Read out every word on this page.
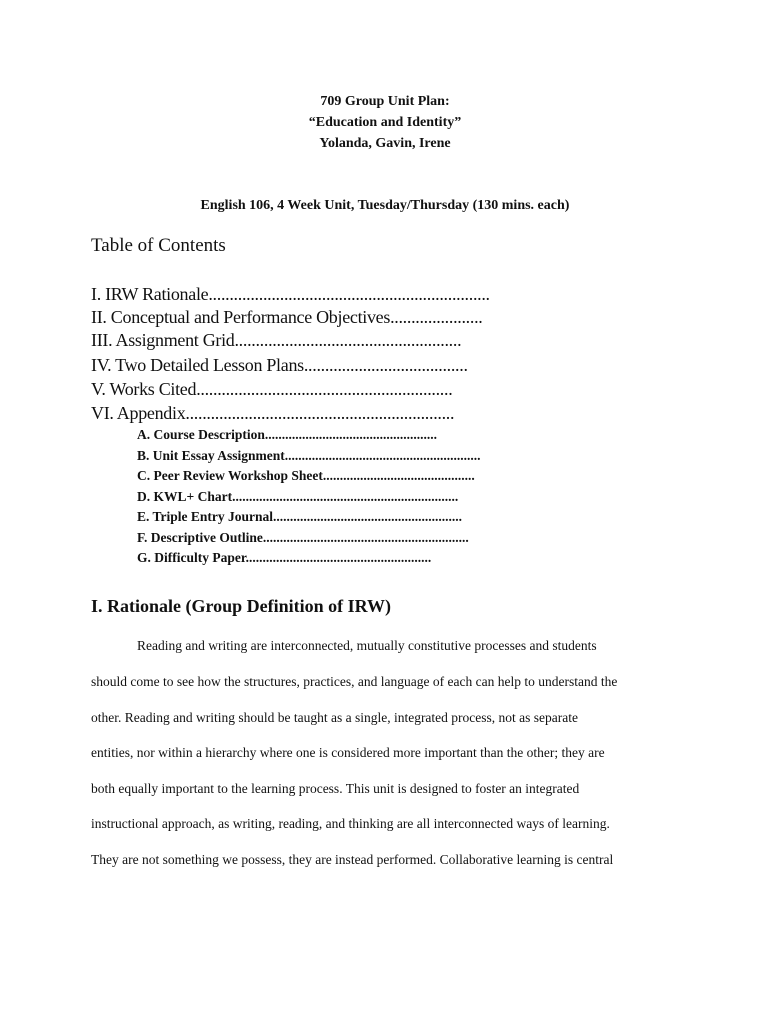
709 Group Unit Plan:
“Education and Identity”
Yolanda, Gavin, Irene
English 106, 4 Week Unit, Tuesday/Thursday (130 mins. each)
Table of Contents
I. IRW Rationale...................................................................
II. Conceptual and Performance Objectives......................
III. Assignment Grid......................................................
IV. Two Detailed Lesson Plans.......................................
V. Works Cited.............................................................
VI. Appendix................................................................
A. Course Description...................................................
B. Unit Essay Assignment..........................................................
C. Peer Review Workshop Sheet.............................................
D. KWL+ Chart...................................................................
E. Triple Entry Journal........................................................
F. Descriptive Outline.............................................................
G. Difficulty Paper.......................................................
I. Rationale (Group Definition of IRW)
Reading and writing are interconnected, mutually constitutive processes and students
should come to see how the structures, practices, and language of each can help to understand the
other. Reading and writing should be taught as a single, integrated process, not as separate
entities, nor within a hierarchy where one is considered more important than the other; they are
both equally important to the learning process. This unit is designed to foster an integrated
instructional approach, as writing, reading, and thinking are all interconnected ways of learning.
They are not something we possess, they are instead performed. Collaborative learning is central
